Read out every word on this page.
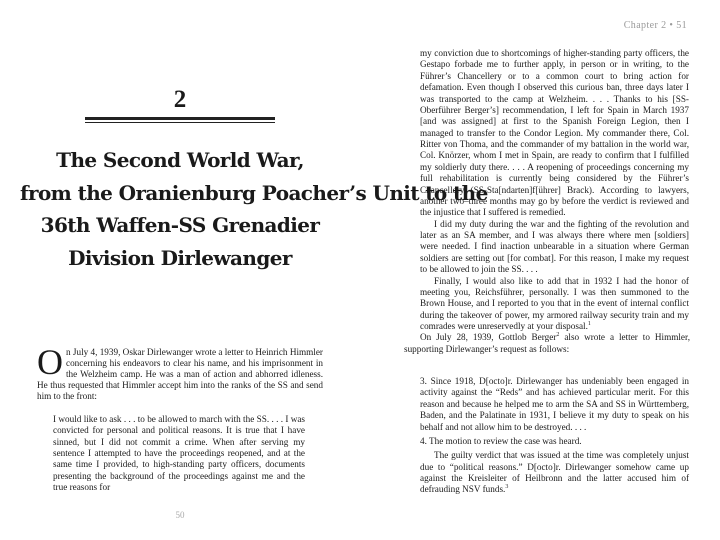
2
The Second World War,
from the Oranienburg Poacher’s Unit to the
36th Waffen-SS Grenadier
Division Dirlewanger
On July 4, 1939, Oskar Dirlewanger wrote a letter to Heinrich Himmler concerning his endeavors to clear his name, and his imprisonment in the Welzheim camp. He was a man of action and abhorred idleness. He thus requested that Himmler accept him into the ranks of the SS and send him to the front:
I would like to ask . . . to be allowed to march with the SS. . . . I was convicted for personal and political reasons. It is true that I have sinned, but I did not commit a crime. When after serving my sentence I attempted to have the proceedings reopened, and at the same time I provided, to high-standing party officers, documents presenting the background of the proceedings against me and the true reasons for
50
Chapter 2 • 51

my conviction due to shortcomings of higher-standing party officers, the Gestapo forbade me to further apply, in person or in writing, to the Führer’s Chancellery or to a common court to bring action for defamation. Even though I observed this curious ban, three days later I was transported to the camp at Welzheim. . . . Thanks to his [SS-Oberführer Berger’s] recommendation, I left for Spain in March 1937 [and was assigned] at first to the Spanish Foreign Legion, then I managed to transfer to the Condor Legion. My commander there, Col. Ritter von Thoma, and the commander of my battalion in the world war, Col. Knörzer, whom I met in Spain, are ready to confirm that I fulfilled my soldierly duty there. . . . A reopening of proceedings concerning my full rehabilitation is currently being considered by the Führer’s Chancellery (SS-Sta[ndarten]f[ührer] Brack). According to lawyers, another two–three months may go by before the verdict is reviewed and the injustice that I suffered is remedied.

I did my duty during the war and the fighting of the revolution and later as an SA member, and I was always there where men [soldiers] were needed. I find inaction unbearable in a situation where German soldiers are setting out [for combat]. For this reason, I make my request to be allowed to join the SS. . . .

Finally, I would also like to add that in 1932 I had the honor of meeting you, Reichsführer, personally. I was then summoned to the Brown House, and I reported to you that in the event of internal conflict during the takeover of power, my armored railway security train and my comrades were unreservedly at your disposal.$^1$

On July 28, 1939, Gottlob Berger$^2$ also wrote a letter to Himmler, supporting Dirlewanger’s request as follows:

3. Since 1918, D[octo]r. Dirlewanger has undeniably been engaged in activity against the “Reds” and has achieved particular merit. For this reason and because he helped me to arm the SA and SS in Württemberg, Baden, and the Palatinate in 1931, I believe it my duty to speak on his behalf and not allow him to be destroyed. . . .

4. The motion to review the case was heard.

The guilty verdict that was issued at the time was completely unjust due to “political reasons.” D[octo]r. Dirlewanger somehow came up against the Kreisleiter of Heilbronn and the latter accused him of defrauding NSV funds.$^3$
